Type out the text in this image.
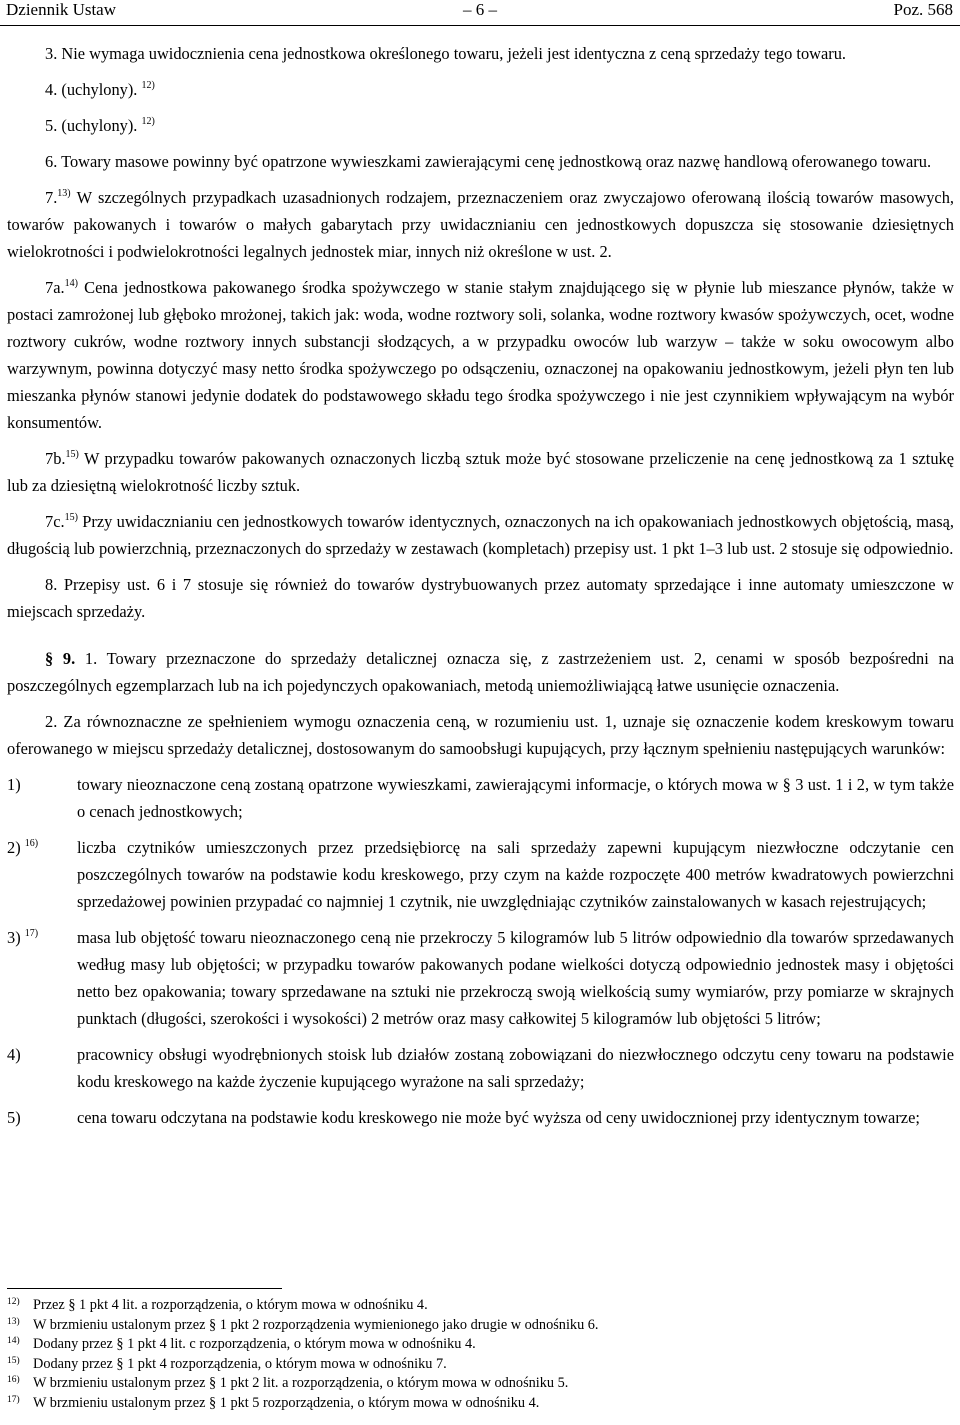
Dziennik Ustaw	– 6 –	Poz. 568

3. Nie wymaga uwidocznienia cena jednostkowa określonego towaru, jeżeli jest identyczna z ceną sprzedaży tego towaru.

4. (uchylony). $^{12)}$

5. (uchylony). $^{12)}$

6. Towary masowe powinny być opatrzone wywieszkami zawierającymi cenę jednostkową oraz nazwę handlową oferowanego towaru.

7.$^{13)}$ W szczególnych przypadkach uzasadnionych rodzajem, przeznaczeniem oraz zwyczajowo oferowaną ilością towarów masowych, towarów pakowanych i towarów o małych gabarytach przy uwidacznianiu cen jednostkowych dopuszcza się stosowanie dziesiętnych wielokrotności i podwielokrotności legalnych jednostek miar, innych niż określone w ust. 2.

7a.$^{14)}$ Cena jednostkowa pakowanego środka spożywczego w stanie stałym znajdującego się w płynie lub mieszance płynów, także w postaci zamrożonej lub głęboko mrożonej, takich jak: woda, wodne roztwory soli, solanka, wodne roztwory kwasów spożywczych, ocet, wodne roztwory cukrów, wodne roztwory innych substancji słodzących, a w przypadku owoców lub warzyw – także w soku owocowym albo warzywnym, powinna dotyczyć masy netto środka spożywczego po odsączeniu, oznaczonej na opakowaniu jednostkowym, jeżeli płyn ten lub mieszanka płynów stanowi jedynie dodatek do podstawowego składu tego środka spożywczego i nie jest czynnikiem wpływającym na wybór konsumentów.

7b.$^{15)}$ W przypadku towarów pakowanych oznaczonych liczbą sztuk może być stosowane przeliczenie na cenę jednostkową za 1 sztukę lub za dziesiętną wielokrotność liczby sztuk.

7c.$^{15)}$ Przy uwidacznianiu cen jednostkowych towarów identycznych, oznaczonych na ich opakowaniach jednostkowych objętością, masą, długością lub powierzchnią, przeznaczonych do sprzedaży w zestawach (kompletach) przepisy ust. 1 pkt 1–3 lub ust. 2 stosuje się odpowiednio.

8. Przepisy ust. 6 i 7 stosuje się również do towarów dystrybuowanych przez automaty sprzedające i inne automaty umieszczone w miejscach sprzedaży.

§ 9. 1. Towary przeznaczone do sprzedaży detalicznej oznacza się, z zastrzeżeniem ust. 2, cenami w sposób bezpośredni na poszczególnych egzemplarzach lub na ich pojedynczych opakowaniach, metodą uniemożliwiającą łatwe usunięcie oznaczenia.

2. Za równoznaczne ze spełnieniem wymogu oznaczenia ceną, w rozumieniu ust. 1, uznaje się oznaczenie kodem kreskowym towaru oferowanego w miejscu sprzedaży detalicznej, dostosowanym do samoobsługi kupujących, przy łącznym spełnieniu następujących warunków:

1)	towary nieoznaczone ceną zostaną opatrzone wywieszkami, zawierającymi informacje, o których mowa w § 3 ust. 1 i 2, w tym także o cenach jednostkowych;
2) $^{16)}$ liczba czytników umieszczonych przez przedsiębiorcę na sali sprzedaży zapewni kupującym niezwłoczne odczytanie cen poszczególnych towarów na podstawie kodu kreskowego, przy czym na każde rozpoczęte 400 metrów kwadratowych powierzchni sprzedażowej powinien przypadać co najmniej 1 czytnik, nie uwzględniając czytników zainstalowanych w kasach rejestrujących;
3) $^{17)}$ masa lub objętość towaru nieoznaczonego ceną nie przekroczy 5 kilogramów lub 5 litrów odpowiednio dla towarów sprzedawanych według masy lub objętości; w przypadku towarów pakowanych podane wielkości dotyczą odpowiednio jednostek masy i objętości netto bez opakowania; towary sprzedawane na sztuki nie przekroczą swoją wielkością sumy wymiarów, przy pomiarze w skrajnych punktach (długości, szerokości i wysokości) 2 metrów oraz masy całkowitej 5 kilogramów lub objętości 5 litrów;
4)	pracownicy obsługi wyodrębnionych stoisk lub działów zostaną zobowiązani do niezwłocznego odczytu ceny towaru na podstawie kodu kreskowego na każde życzenie kupującego wyrażone na sali sprzedaży;
5)	cena towaru odczytana na podstawie kodu kreskowego nie może być wyższa od ceny uwidocznionej przy identycznym towarze;
12) Przez § 1 pkt 4 lit. a rozporządzenia, o którym mowa w odnośniku 4.
13) W brzmieniu ustalonym przez § 1 pkt 2 rozporządzenia wymienionego jako drugie w odnośniku 6.
14) Dodany przez § 1 pkt 4 lit. c rozporządzenia, o którym mowa w odnośniku 4.
15) Dodany przez § 1 pkt 4 rozporządzenia, o którym mowa w odnośniku 7.
16) W brzmieniu ustalonym przez § 1 pkt 2 lit. a rozporządzenia, o którym mowa w odnośniku 5.
17) W brzmieniu ustalonym przez § 1 pkt 5 rozporządzenia, o którym mowa w odnośniku 4.
